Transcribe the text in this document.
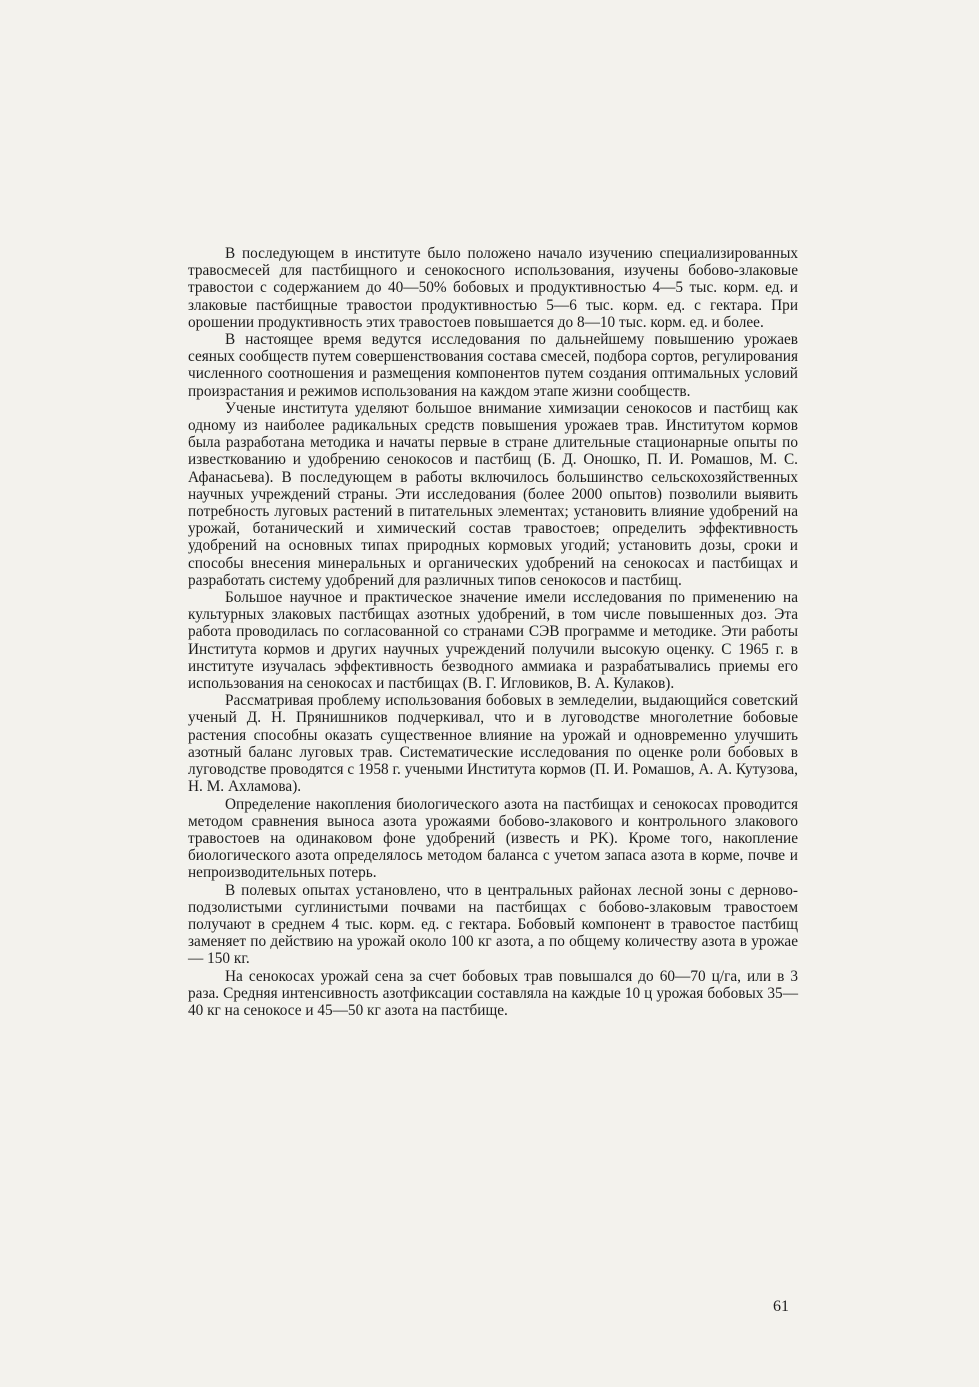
В последующем в институте было положено начало изучению специализированных травосмесей для пастбищного и сенокосного использования, изучены бобово-злаковые травостои с содержанием до 40—50% бобовых и продуктивностью 4—5 тыс. корм. ед. и злаковые пастбищные травостои продуктивностью 5—6 тыс. корм. ед. с гектара. При орошении продуктивность этих травостоев повышается до 8—10 тыс. корм. ед. и более.

В настоящее время ведутся исследования по дальнейшему повышению урожаев сеяных сообществ путем совершенствования состава смесей, подбора сортов, регулирования численного соотношения и размещения компонентов путем создания оптимальных условий произрастания и режимов использования на каждом этапе жизни сообществ.

Ученые института уделяют большое внимание химизации сенокосов и пастбищ как одному из наиболее радикальных средств повышения урожаев трав. Институтом кормов была разработана методика и начаты первые в стране длительные стационарные опыты по известкованию и удобрению сенокосов и пастбищ (Б. Д. Оношко, П. И. Ромашов, М. С. Афанасьева). В последующем в работы включилось большинство сельскохозяйственных научных учреждений страны. Эти исследования (более 2000 опытов) позволили выявить потребность луговых растений в питательных элементах; установить влияние удобрений на урожай, ботанический и химический состав травостоев; определить эффективность удобрений на основных типах природных кормовых угодий; установить дозы, сроки и способы внесения минеральных и органических удобрений на сенокосах и пастбищах и разработать систему удобрений для различных типов сенокосов и пастбищ.

Большое научное и практическое значение имели исследования по применению на культурных злаковых пастбищах азотных удобрений, в том числе повышенных доз. Эта работа проводилась по согласованной со странами СЭВ программе и методике. Эти работы Института кормов и других научных учреждений получили высокую оценку. С 1965 г. в институте изучалась эффективность безводного аммиака и разрабатывались приемы его использования на сенокосах и пастбищах (В. Г. Игловиков, В. А. Кулаков).

Рассматривая проблему использования бобовых в земледелии, выдающийся советский ученый Д. Н. Прянишников подчеркивал, что и в луговодстве многолетние бобовые растения способны оказать существенное влияние на урожай и одновременно улучшить азотный баланс луговых трав. Систематические исследования по оценке роли бобовых в луговодстве проводятся с 1958 г. учеными Института кормов (П. И. Ромашов, А. А. Кутузова, Н. М. Ахламова).

Определение накопления биологического азота на пастбищах и сенокосах проводится методом сравнения выноса азота урожаями бобово-злакового и контрольного злакового травостоев на одинаковом фоне удобрений (известь и PK). Кроме того, накопление биологического азота определялось методом баланса с учетом запаса азота в корме, почве и непроизводительных потерь.

В полевых опытах установлено, что в центральных районах лесной зоны с дерново-подзолистыми суглинистыми почвами на пастбищах с бобово-злаковым травостоем получают в среднем 4 тыс. корм. ед. с гектара. Бобовый компонент в травостое пастбищ заменяет по действию на урожай около 100 кг азота, а по общему количеству азота в урожае — 150 кг.

На сенокосах урожай сена за счет бобовых трав повышался до 60—70 ц/га, или в 3 раза. Средняя интенсивность азотфиксации составляла на каждые 10 ц урожая бобовых 35—40 кг на сенокосе и 45—50 кг азота на пастбище.

61
